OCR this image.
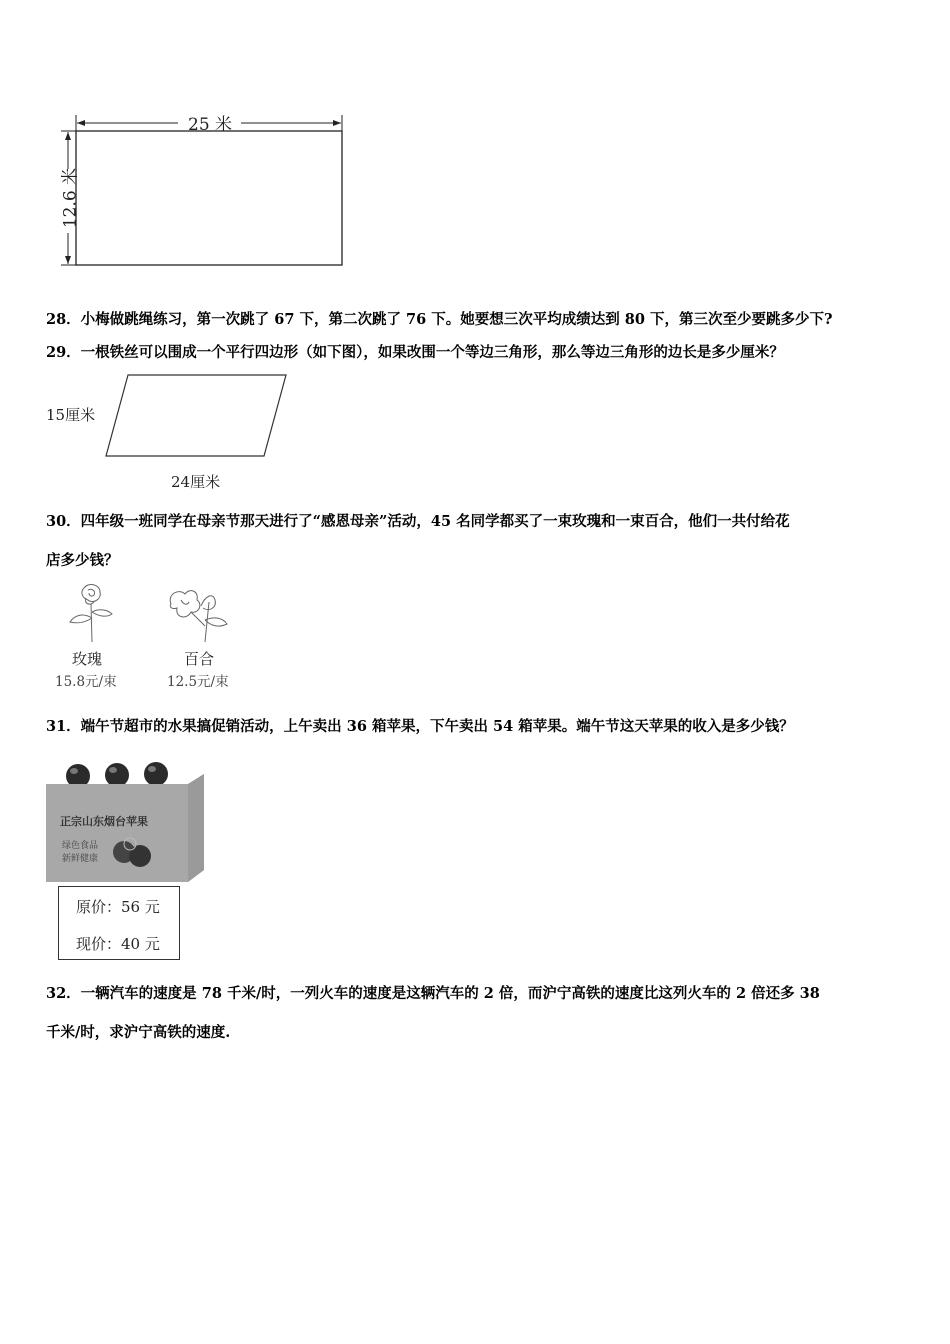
25 米
12.6 米
28．小梅做跳绳练习，第一次跳了 67 下，第二次跳了 76 下。她要想三次平均成绩达到 80 下，第三次至少要跳多少下?
29．一根铁丝可以围成一个平行四边形（如下图），如果改围一个等边三角形，那么等边三角形的边长是多少厘米？
15厘米
24厘米
30．四年级一班同学在母亲节那天进行了“感恩母亲”活动，45 名同学都买了一束玫瑰和一束百合，他们一共付给花
店多少钱？
玫瑰	百合
15.8元/束	12.5元/束
31．端午节超市的水果搞促销活动，上午卖出 36 箱苹果，下午卖出 54 箱苹果。端午节这天苹果的收入是多少钱？
正宗山东烟台苹果
绿色食品
新鲜健康
原价：56 元
现价：40 元
32．一辆汽车的速度是 78 千米/时，一列火车的速度是这辆汽车的 2 倍，而沪宁高铁的速度比这列火车的 2 倍还多 38
千米/时，求沪宁高铁的速度.
